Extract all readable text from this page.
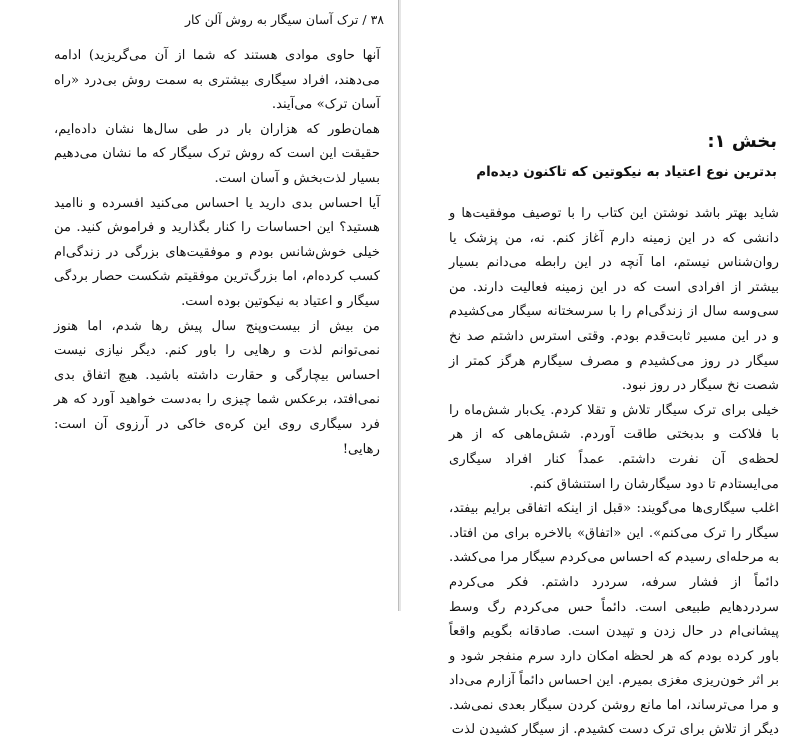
۳۸ / ترک آسان سیگار به روش آلن کار

آنها حاوی موادی هستند که شما از آن می‌گریزید) ادامه می‌دهند، افراد سیگاری بیشتری به سمت روش بی‌درد «راه آسان ترک» می‌آیند.

همان‌طور که هزاران بار در طی سال‌ها نشان داده‌ایم، حقیقت این است که روش ترک سیگار که ما نشان می‌دهیم بسیار لذت‌بخش و آسان است.

آیا احساس بدی دارید یا احساس می‌کنید افسرده و ناامید هستید؟ این احساسات را کنار بگذارید و فراموش کنید. من خیلی خوش‌شانس بودم و موفقیت‌های بزرگی در زندگی‌ام کسب کرده‌ام، اما بزرگ‌ترین موفقیتم شکست حصار بردگی سیگار و اعتیاد به نیکوتین بوده است.

من بیش از بیست‌وپنج سال پیش رها شدم، اما هنوز نمی‌توانم لذت و رهایی را باور کنم. دیگر نیازی نیست احساس بیچارگی و حقارت داشته باشید. هیچ اتفاق بدی نمی‌افتد، برعکس شما چیزی را به‌دست خواهید آورد که هر فرد سیگاری روی این کره‌ی خاکی در آرزوی آن است: رهایی!

بخش ۱:
بدترین نوع اعتیاد به نیکوتین که تاکنون دیده‌ام

شاید بهتر باشد نوشتن این کتاب را با توصیف موفقیت‌ها و دانشی که در این زمینه دارم آغاز کنم. نه، من پزشک یا روان‌شناس نیستم، اما آنچه در این رابطه می‌دانم بسیار بیشتر از افرادی است که در این زمینه فعالیت دارند. من سی‌وسه سال از زندگی‌ام را با سرسختانه سیگار می‌کشیدم و در این مسیر ثابت‌قدم بودم. وقتی استرس داشتم صد نخ سیگار در روز می‌کشیدم و مصرف سیگارم هرگز کمتر از شصت نخ سیگار در روز نبود.

خیلی برای ترک سیگار تلاش و تقلا کردم. یک‌بار شش‌ماه را با فلاکت و بدبختی طاقت آوردم. شش‌ماهی که از هر لحظه‌ی آن نفرت داشتم. عمداً کنار افراد سیگاری می‌ایستادم تا دود سیگارشان را استنشاق کنم.

اغلب سیگاری‌ها می‌گویند: «قبل از اینکه اتفاقی برایم بیفتد، سیگار را ترک می‌کنم». این «اتفاق» بالاخره برای من افتاد. به مرحله‌ای رسیدم که احساس می‌کردم سیگار مرا می‌کشد. دائماً از فشار سرفه، سردرد داشتم. فکر می‌کردم سردردهایم طبیعی است. دائماً حس می‌کردم رگ وسط پیشانی‌ام در حال زدن و تپیدن است. صادقانه بگویم واقعاً باور کرده بودم که هر لحظه امکان دارد سرم منفجر شود و بر اثر خون‌ریزی مغزی بمیرم. این احساس دائماً آزارم می‌داد و مرا می‌ترساند، اما مانع روشن کردن سیگار بعدی نمی‌شد. دیگر از تلاش برای ترک دست کشیدم. از سیگار کشیدن لذت
